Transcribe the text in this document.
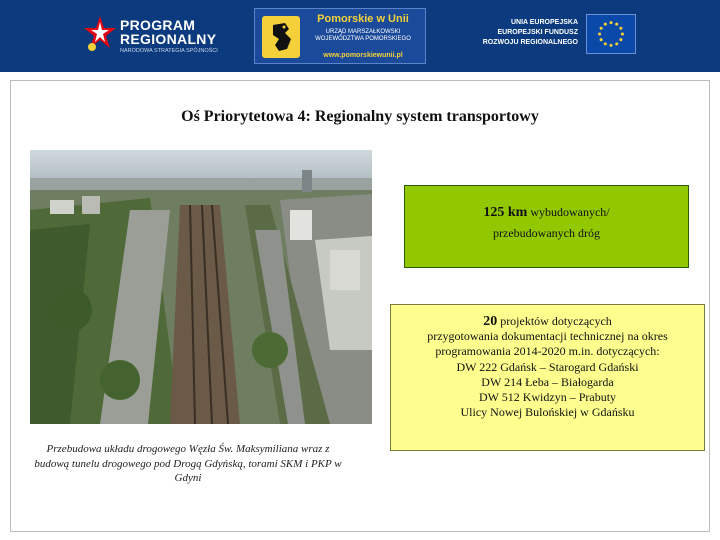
PROGRAM
REGIONALNY
NARODOWA STRATEGIA SPÓJNOŚCI
Pomorskie w Unii
URZĄD MARSZAŁKOWSKI
WOJEWÓDZTWA POMORSKIEGO
www.pomorskiewunii.pl
UNIA EUROPEJSKA
EUROPEJSKI FUNDUSZ
ROZWOJU REGIONALNEGO
Oś Priorytetowa 4: Regionalny system transportowy
Przebudowa układu drogowego Węzła Św. Maksymiliana wraz z budową tunelu drogowego pod Drogą Gdyńską, torami SKM i PKP w Gdyni
125 km wybudowanych/
przebudowanych dróg
20 projektów dotyczących
przygotowania dokumentacji technicznej na okres
programowania 2014-2020 m.in. dotyczących:
DW 222 Gdańsk – Starogard Gdański
DW 214 Łeba – Białogarda
DW 512 Kwidzyn – Prabuty
Ulicy Nowej Bulońskiej w Gdańsku
